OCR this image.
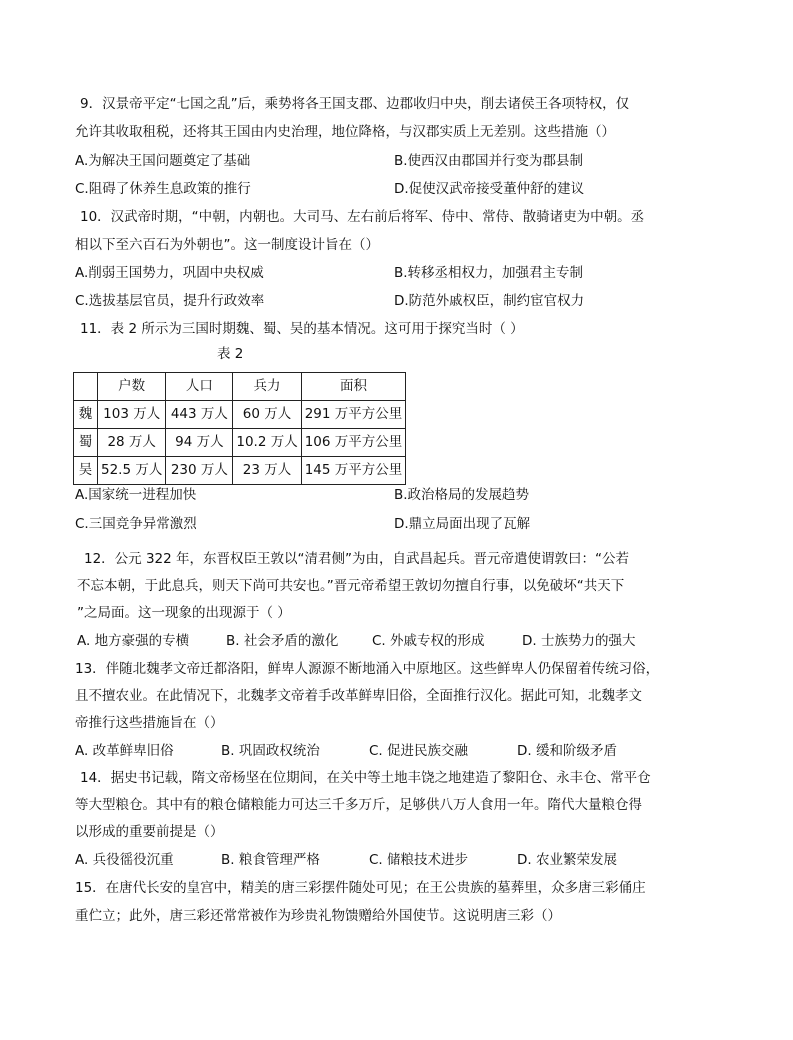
9．汉景帝平定“七国之乱”后，乘势将各王国支郡、边郡收归中央，削去诸侯王各项特权，仅
允许其收取租税，还将其王国由内史治理，地位降格，与汉郡实质上无差别。这些措施（）
A.为解决王国问题奠定了基础	B.使西汉由郡国并行变为郡县制
C.阻碍了休养生息政策的推行	D.促使汉武帝接受董仲舒的建议
10．汉武帝时期，“中朝，内朝也。大司马、左右前后将军、侍中、常侍、散骑诸吏为中朝。丞
相以下至六百石为外朝也”。这一制度设计旨在（）
A.削弱王国势力，巩固中央权威	B.转移丞相权力，加强君主专制
C.选拔基层官员，提升行政效率	D.防范外戚权臣，制约宦官权力
11．表 2 所示为三国时期魏、蜀、吴的基本情况。这可用于探究当时（ ）
表 2
	户数	人口	兵力	面积
魏	103 万人	443 万人	60 万人	291 万平方公里
蜀	28 万人	94 万人	10.2 万人	106 万平方公里
吴	52.5 万人	230 万人	23 万人	145 万平方公里
A.国家统一进程加快	B.政治格局的发展趋势
C.三国竞争异常激烈	D.鼎立局面出现了瓦解
12．公元 322 年，东晋权臣王敦以“清君侧”为由，自武昌起兵。晋元帝遣使谓敦曰：“公若
不忘本朝，于此息兵，则天下尚可共安也。”晋元帝希望王敦切勿擅自行事，以免破坏“共天下
”之局面。这一现象的出现源于（ ）
A. 地方豪强的专横	B. 社会矛盾的激化 C. 外戚专权的形成	D. 士族势力的强大
13．伴随北魏孝文帝迁都洛阳，鲜卑人源源不断地涌入中原地区。这些鲜卑人仍保留着传统习俗，
且不擅农业。在此情况下，北魏孝文帝着手改革鲜卑旧俗，全面推行汉化。据此可知，北魏孝文
帝推行这些措施旨在（）
A. 改革鲜卑旧俗	B. 巩固政权统治	C. 促进民族交融	D. 缓和阶级矛盾
14．据史书记载，隋文帝杨坚在位期间，在关中等土地丰饶之地建造了黎阳仓、永丰仓、常平仓
等大型粮仓。其中有的粮仓储粮能力可达三千多万斤，足够供八万人食用一年。隋代大量粮仓得
以形成的重要前提是（）
A. 兵役徭役沉重	B. 粮食管理严格	C. 储粮技术进步	D. 农业繁荣发展
15．在唐代长安的皇宫中，精美的唐三彩摆件随处可见；在王公贵族的墓葬里，众多唐三彩俑庄
重伫立；此外，唐三彩还常常被作为珍贵礼物馈赠给外国使节。这说明唐三彩（）
